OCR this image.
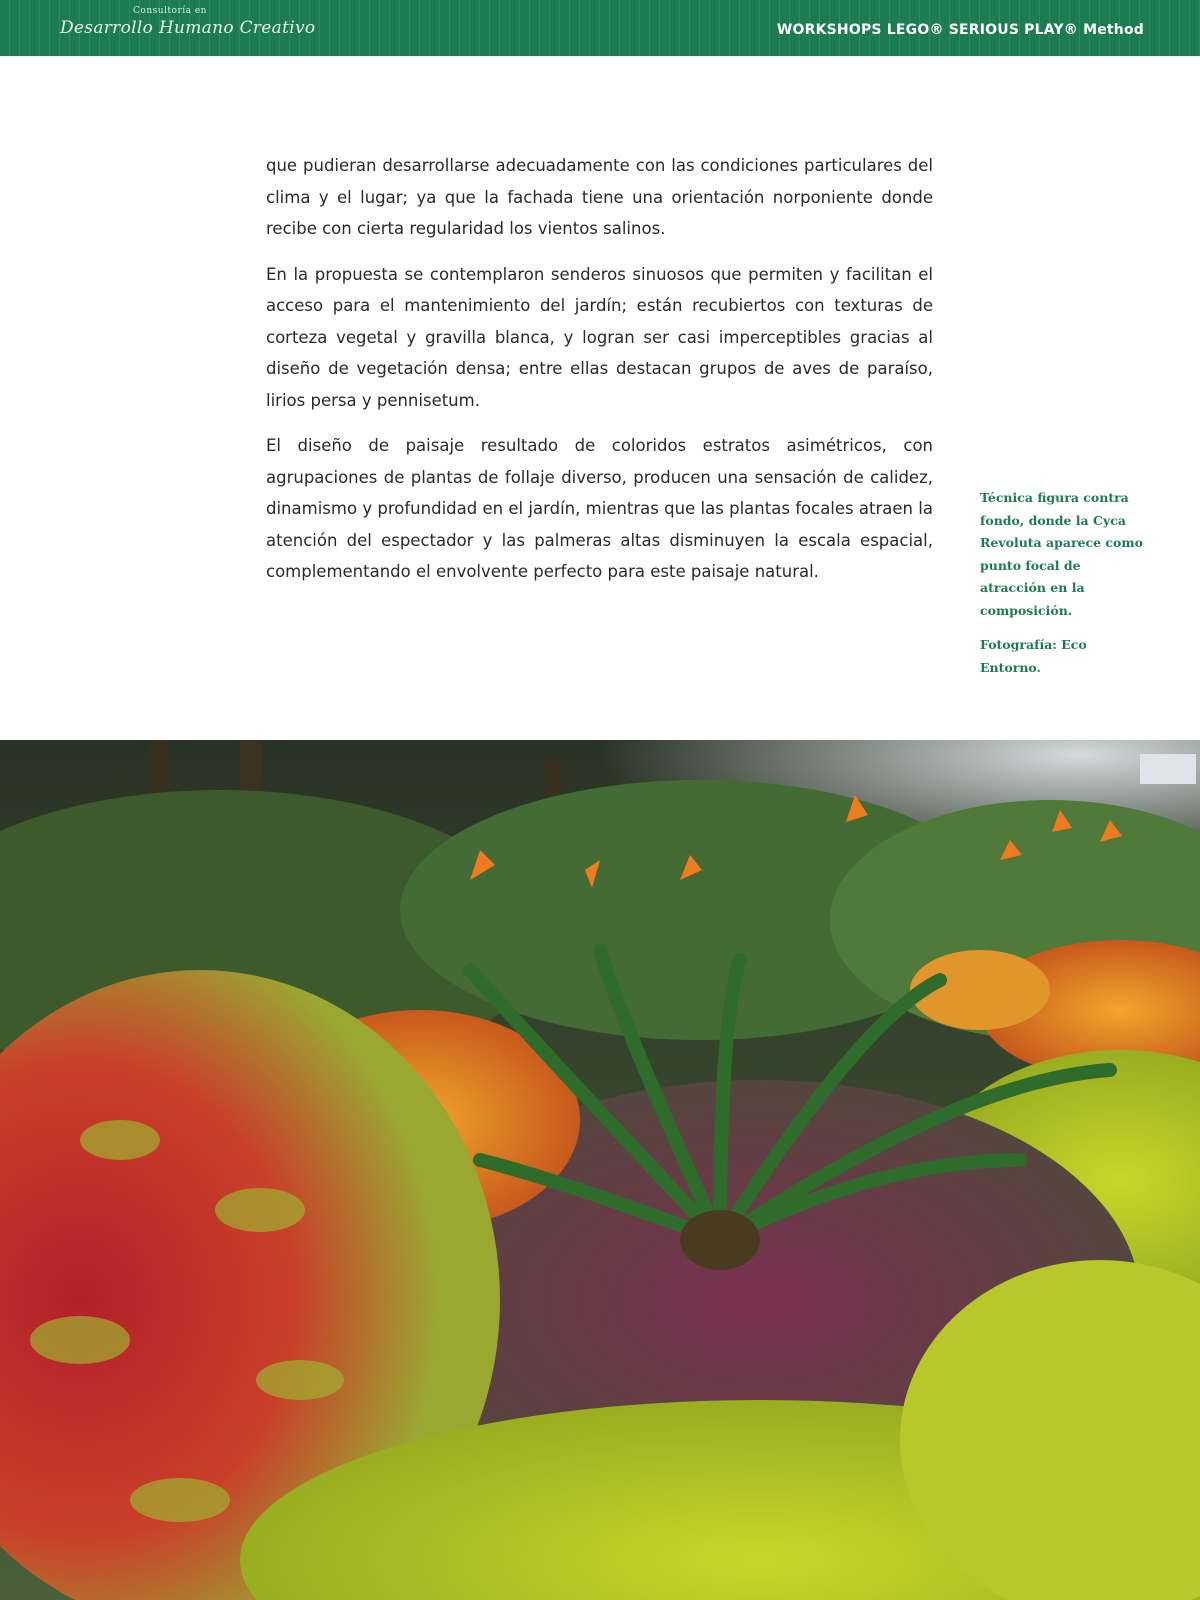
Consultoría en
Desarrollo Humano Creativo	WORKSHOPS LEGO® SERIOUS PLAY® Method

que pudieran desarrollarse adecuadamente con las condiciones particulares del clima y el lugar; ya que la fachada tiene una orientación norponiente donde recibe con cierta regularidad los vientos salinos.

En la propuesta se contemplaron senderos sinuosos que permiten y facilitan el acceso para el mantenimiento del jardín; están recubiertos con texturas de corteza vegetal y gravilla blanca, y logran ser casi imperceptibles gracias al diseño de vegetación densa; entre ellas destacan grupos de aves de paraíso, lirios persa y pennisetum.

El diseño de paisaje resultado de coloridos estratos asimétricos, con agrupaciones de plantas de follaje diverso, producen una sensación de calidez, dinamismo y profundidad en el jardín, mientras que las plantas focales atraen la atención del espectador y las palmeras altas disminuyen la escala espacial, complementando el envolvente perfecto para este paisaje natural.

Técnica figura contra fondo, donde la Cyca Revoluta aparece como punto focal de atracción en la composición.

Fotografía: Eco Entorno.
